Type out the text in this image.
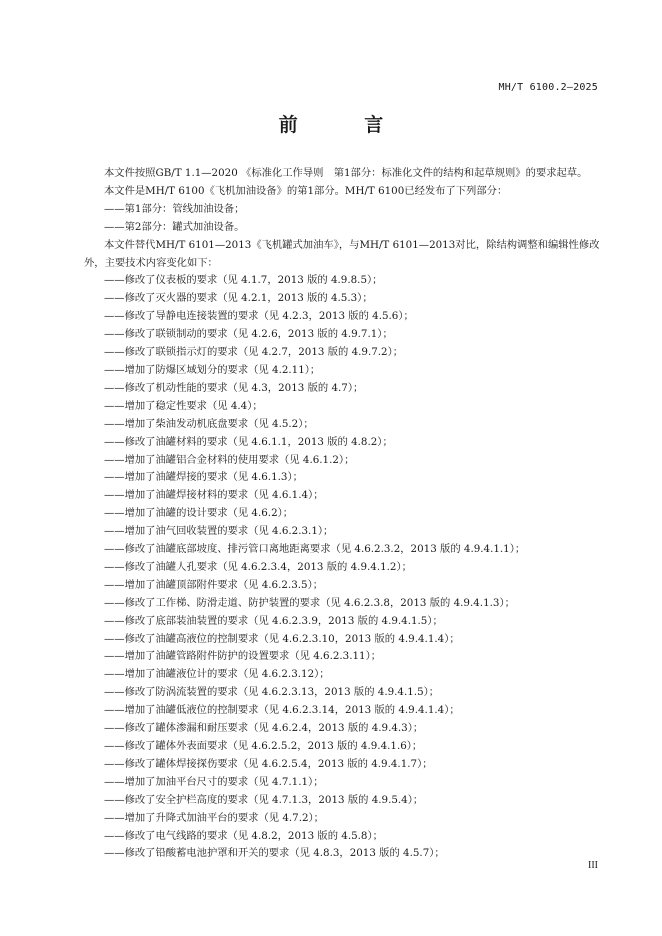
MH/T 6100.2—2025
前 言

本文件按照GB/T 1.1—2020 《标准化工作导则　第1部分：标准化文件的结构和起草规则》的要求起草。

本文件是MH/T 6100《飞机加油设备》的第1部分。MH/T 6100已经发布了下列部分：

——第1部分：管线加油设备；

——第2部分：罐式加油设备。

本文件替代MH/T 6101—2013《飞机罐式加油车》，与MH/T 6101—2013对比，除结构调整和编辑性修改外，主要技术内容变化如下：

——修改了仪表板的要求（见 4.1.7，2013 版的 4.9.8.5）；

——修改了灭火器的要求（见 4.2.1，2013 版的 4.5.3）；

——修改了导静电连接装置的要求（见 4.2.3，2013 版的 4.5.6）；

——修改了联锁制动的要求（见 4.2.6，2013 版的 4.9.7.1）；

——修改了联锁指示灯的要求（见 4.2.7，2013 版的 4.9.7.2）；

——增加了防爆区域划分的要求（见 4.2.11）；

——修改了机动性能的要求（见 4.3，2013 版的 4.7）；

——增加了稳定性要求（见 4.4）；

——增加了柴油发动机底盘要求（见 4.5.2）；

——修改了油罐材料的要求（见 4.6.1.1，2013 版的 4.8.2）；

——增加了油罐铝合金材料的使用要求（见 4.6.1.2）；

——增加了油罐焊接的要求（见 4.6.1.3）；

——增加了油罐焊接材料的要求（见 4.6.1.4）；

——增加了油罐的设计要求（见 4.6.2）；

——增加了油气回收装置的要求（见 4.6.2.3.1）；

——修改了油罐底部坡度、排污管口离地距离要求（见 4.6.2.3.2，2013 版的 4.9.4.1.1）；

——修改了油罐人孔要求（见 4.6.2.3.4，2013 版的 4.9.4.1.2）；

——增加了油罐顶部附件要求（见 4.6.2.3.5）；

——修改了工作梯、防滑走道、防护装置的要求（见 4.6.2.3.8，2013 版的 4.9.4.1.3）；

——修改了底部装油装置的要求（见 4.6.2.3.9，2013 版的 4.9.4.1.5）；

——修改了油罐高液位的控制要求（见 4.6.2.3.10，2013 版的 4.9.4.1.4）；

——增加了油罐管路附件防护的设置要求（见 4.6.2.3.11）；

——增加了油罐液位计的要求（见 4.6.2.3.12）；

——修改了防涡流装置的要求（见 4.6.2.3.13，2013 版的 4.9.4.1.5）；

——增加了油罐低液位的控制要求（见 4.6.2.3.14，2013 版的 4.9.4.1.4）；

——修改了罐体渗漏和耐压要求（见 4.6.2.4，2013 版的 4.9.4.3）；

——修改了罐体外表面要求（见 4.6.2.5.2，2013 版的 4.9.4.1.6）；

——修改了罐体焊接探伤要求（见 4.6.2.5.4，2013 版的 4.9.4.1.7）；

——增加了加油平台尺寸的要求（见 4.7.1.1）；

——修改了安全护栏高度的要求（见 4.7.1.3，2013 版的 4.9.5.4）；

——增加了升降式加油平台的要求（见 4.7.2）；

——修改了电气线路的要求（见 4.8.2，2013 版的 4.5.8）；

——修改了铅酸蓄电池护罩和开关的要求（见 4.8.3，2013 版的 4.5.7）；

III
